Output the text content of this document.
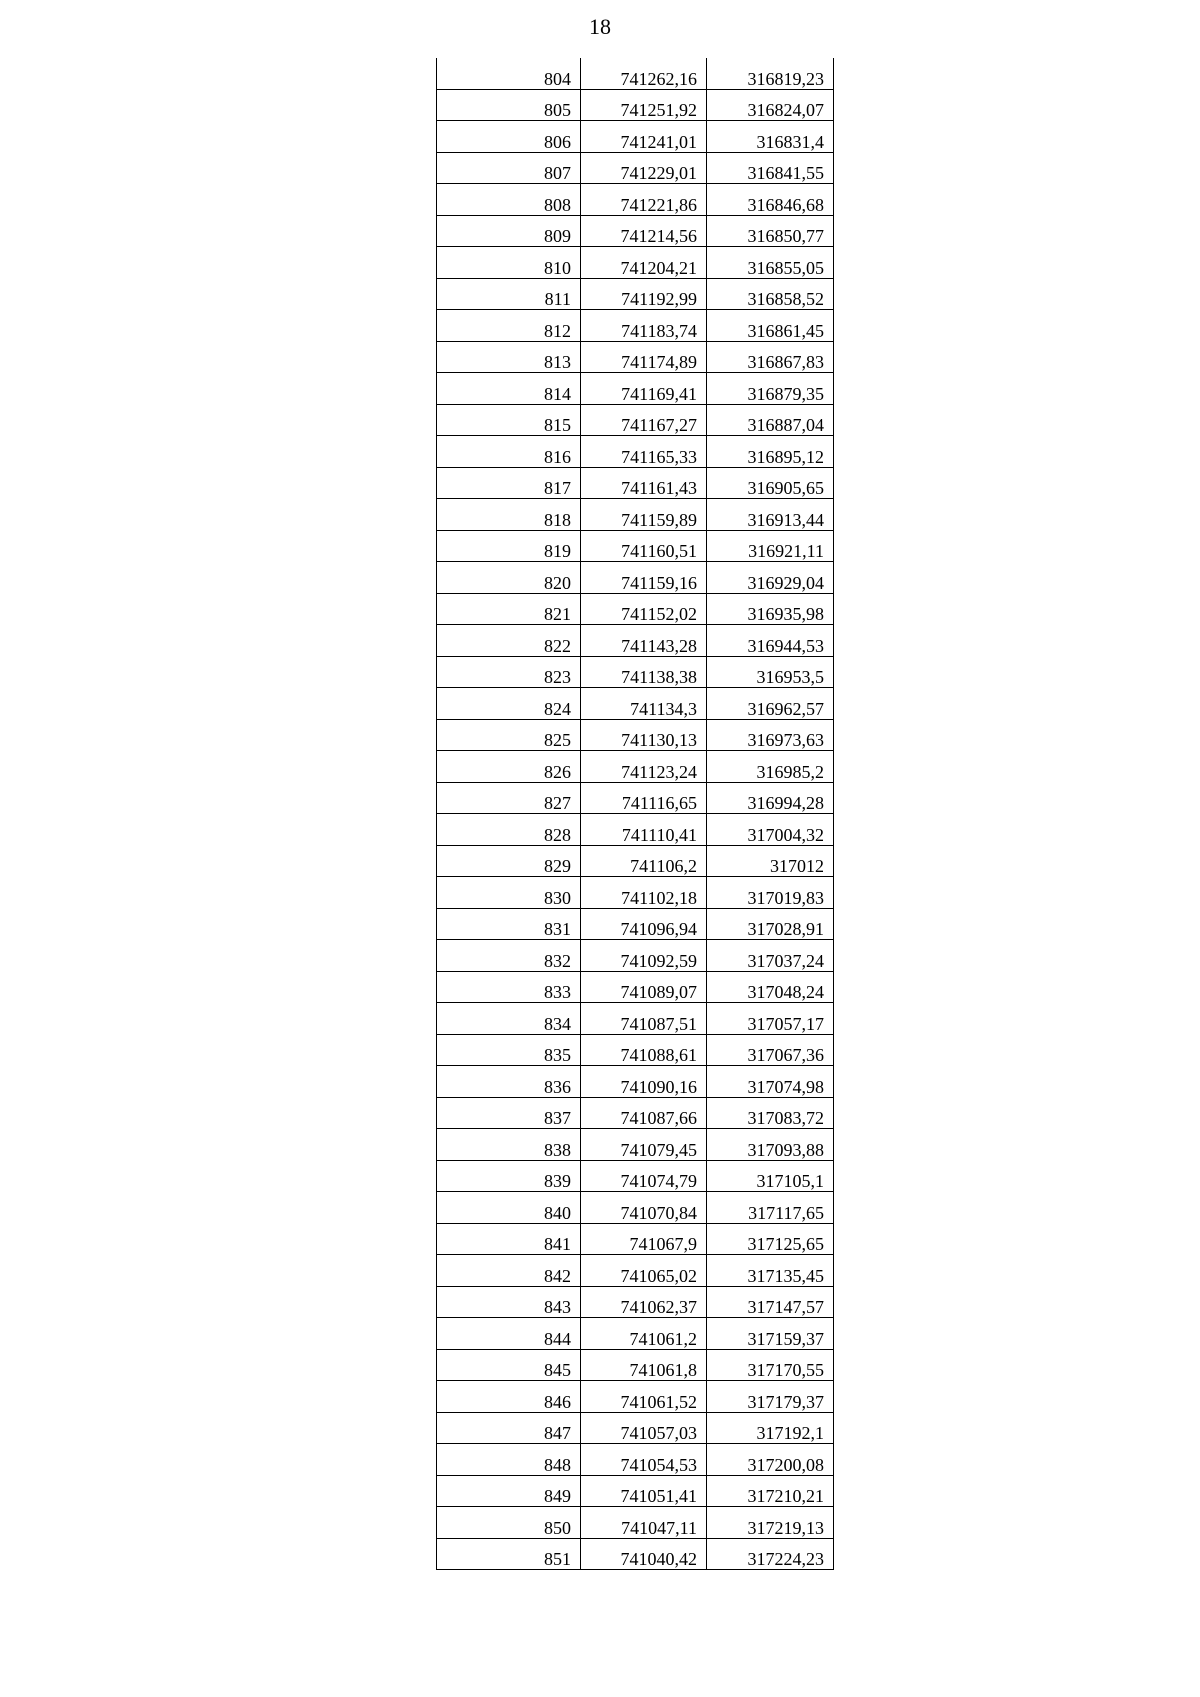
18
804	741262,16	316819,23
805	741251,92	316824,07
806	741241,01	316831,4
807	741229,01	316841,55
808	741221,86	316846,68
809	741214,56	316850,77
810	741204,21	316855,05
811	741192,99	316858,52
812	741183,74	316861,45
813	741174,89	316867,83
814	741169,41	316879,35
815	741167,27	316887,04
816	741165,33	316895,12
817	741161,43	316905,65
818	741159,89	316913,44
819	741160,51	316921,11
820	741159,16	316929,04
821	741152,02	316935,98
822	741143,28	316944,53
823	741138,38	316953,5
824	741134,3	316962,57
825	741130,13	316973,63
826	741123,24	316985,2
827	741116,65	316994,28
828	741110,41	317004,32
829	741106,2	317012
830	741102,18	317019,83
831	741096,94	317028,91
832	741092,59	317037,24
833	741089,07	317048,24
834	741087,51	317057,17
835	741088,61	317067,36
836	741090,16	317074,98
837	741087,66	317083,72
838	741079,45	317093,88
839	741074,79	317105,1
840	741070,84	317117,65
841	741067,9	317125,65
842	741065,02	317135,45
843	741062,37	317147,57
844	741061,2	317159,37
845	741061,8	317170,55
846	741061,52	317179,37
847	741057,03	317192,1
848	741054,53	317200,08
849	741051,41	317210,21
850	741047,11	317219,13
851	741040,42	317224,23
